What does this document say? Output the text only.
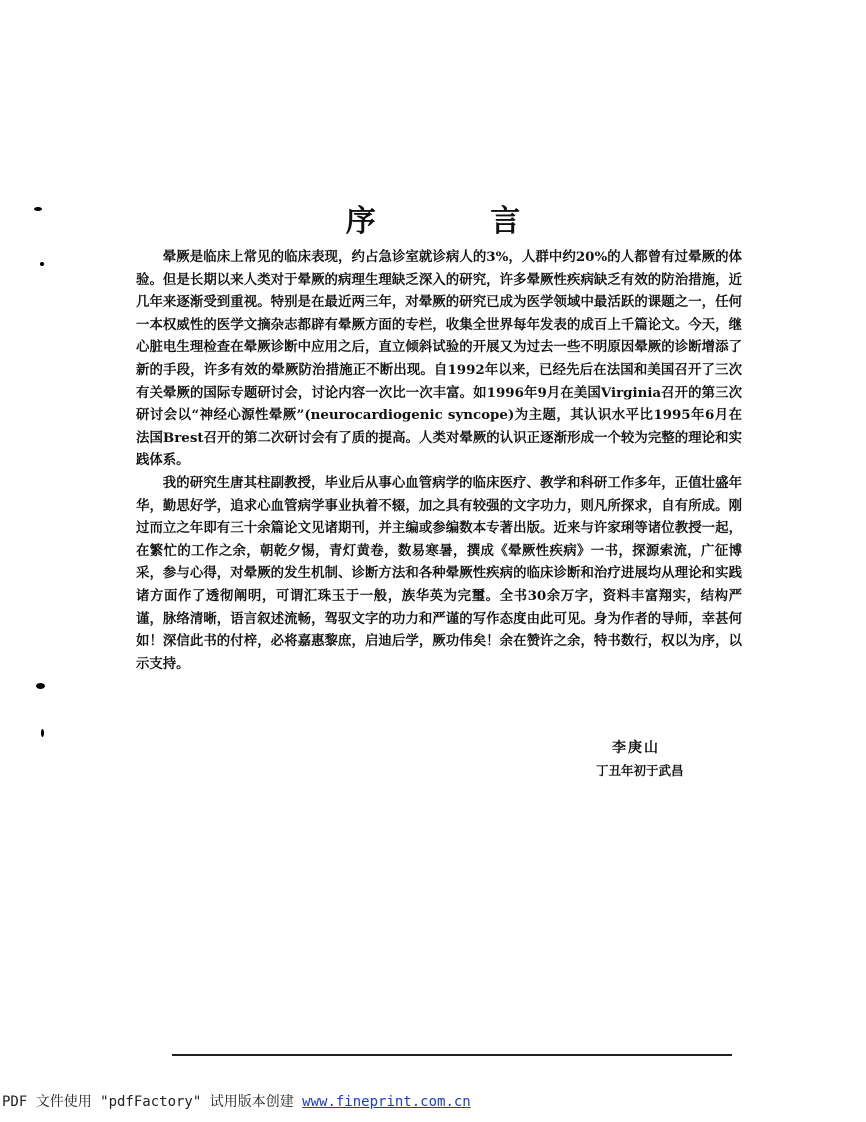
序 言

晕厥是临床上常见的临床表现，约占急诊室就诊病人的3%，人群中约20%的人都曾有过晕厥的体验。但是长期以来人类对于晕厥的病理生理缺乏深入的研究，许多晕厥性疾病缺乏有效的防治措施，近几年来逐渐受到重视。特别是在最近两三年，对晕厥的研究已成为医学领域中最活跃的课题之一，任何一本权威性的医学文摘杂志都辟有晕厥方面的专栏，收集全世界每年发表的成百上千篇论文。今天，继心脏电生理检查在晕厥诊断中应用之后，直立倾斜试验的开展又为过去一些不明原因晕厥的诊断增添了新的手段，许多有效的晕厥防治措施正不断出现。自1992年以来，已经先后在法国和美国召开了三次有关晕厥的国际专题研讨会，讨论内容一次比一次丰富。如1996年9月在美国Virginia召开的第三次研讨会以“神经心源性晕厥”(neurocardiogenic syncope)为主题，其认识水平比1995年6月在法国Brest召开的第二次研讨会有了质的提高。人类对晕厥的认识正逐渐形成一个较为完整的理论和实践体系。

我的研究生唐其柱副教授，毕业后从事心血管病学的临床医疗、教学和科研工作多年，正值壮盛年华，勤思好学，追求心血管病学事业执着不辍，加之具有较强的文字功力，则凡所探求，自有所成。刚过而立之年即有三十余篇论文见诸期刊，并主编或参编数本专著出版。近来与许家琍等诸位教授一起，在繁忙的工作之余，朝乾夕惕，青灯黄卷，数易寒暑，撰成《晕厥性疾病》一书，探源索流，广征博采，参与心得，对晕厥的发生机制、诊断方法和各种晕厥性疾病的临床诊断和治疗进展均从理论和实践诸方面作了透彻阐明，可谓汇珠玉于一般，族华英为完璽。全书30余万字，资料丰富翔实，结构严谨，脉络清晰，语言叙述流畅，驾驭文字的功力和严谨的写作态度由此可见。身为作者的导师，幸甚何如！深信此书的付梓，必将嘉惠黎庶，启迪后学，厥功伟矣！余在赞许之余，特书数行，权以为序，以示支持。

李庚山
丁丑年初于武昌
PDF 文件使用 "pdfFactory" 试用版本创建 www.fineprint.com.cn
